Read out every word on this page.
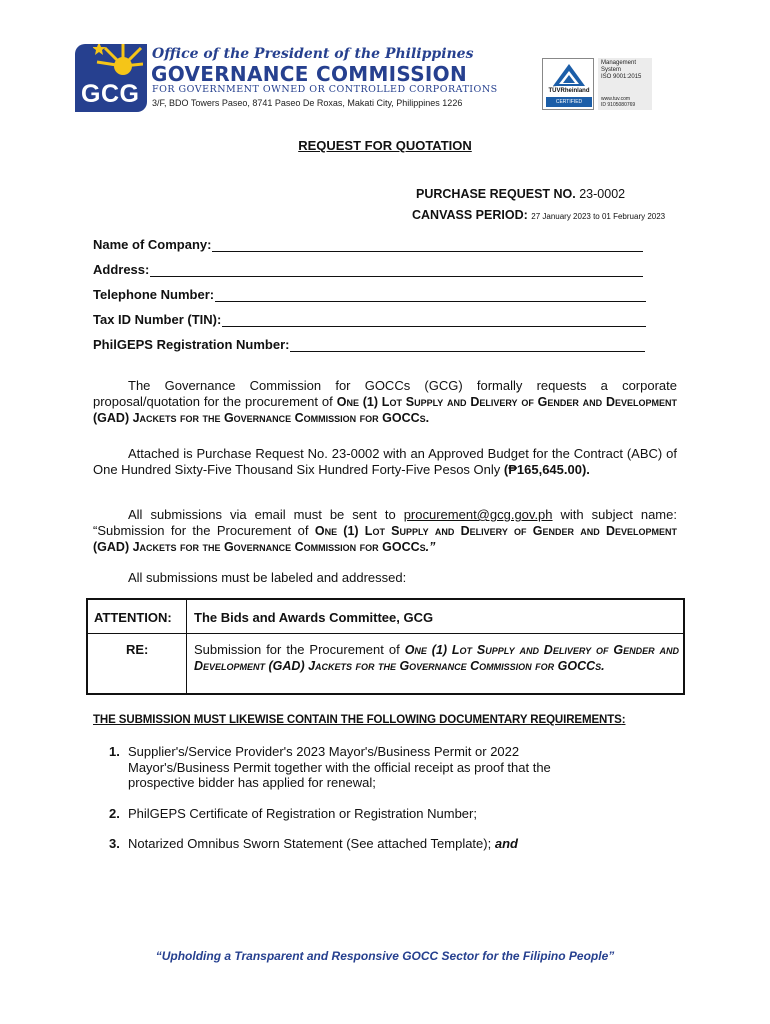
GCG
Office of the President of the Philippines
GOVERNANCE COMMISSION
FOR GOVERNMENT OWNED OR CONTROLLED CORPORATIONS
3/F, BDO Towers Paseo, 8741 Paseo De Roxas, Makati City, Philippines 1226
TÜVRheinland
CERTIFIED
Management
System
ISO 9001:2015
www.tuv.com
ID 9105080769
REQUEST FOR QUOTATION
PURCHASE REQUEST NO. 23-0002
CANVASS PERIOD: 27 January 2023 to 01 February 2023
Name of Company:
Address:
Telephone Number:
Tax ID Number (TIN):
PhilGEPS Registration Number:
The Governance Commission for GOCCs (GCG) formally requests a corporate proposal/quotation for the procurement of One (1) Lot Supply and Delivery of Gender and Development (GAD) Jackets for the Governance Commission for GOCCs.
Attached is Purchase Request No. 23-0002 with an Approved Budget for the Contract (ABC) of One Hundred Sixty-Five Thousand Six Hundred Forty-Five Pesos Only (₱165,645.00).
All submissions via email must be sent to procurement@gcg.gov.ph with subject name: “Submission for the Procurement of One (1) Lot Supply and Delivery of Gender and Development (GAD) Jackets for the Governance Commission for GOCCs.”
All submissions must be labeled and addressed:
ATTENTION: The Bids and Awards Committee, GCG
RE:	Submission for the Procurement of One (1) Lot Supply and Delivery of Gender and Development (GAD) Jackets for the Governance Commission for GOCCs.
THE SUBMISSION MUST LIKEWISE CONTAIN THE FOLLOWING DOCUMENTARY REQUIREMENTS:
1. Supplier's/Service Provider's 2023 Mayor's/Business Permit or 2022 Mayor's/Business Permit together with the official receipt as proof that the prospective bidder has applied for renewal;
2. PhilGEPS Certificate of Registration or Registration Number;
3. Notarized Omnibus Sworn Statement (See attached Template); and
“Upholding a Transparent and Responsive GOCC Sector for the Filipino People”
